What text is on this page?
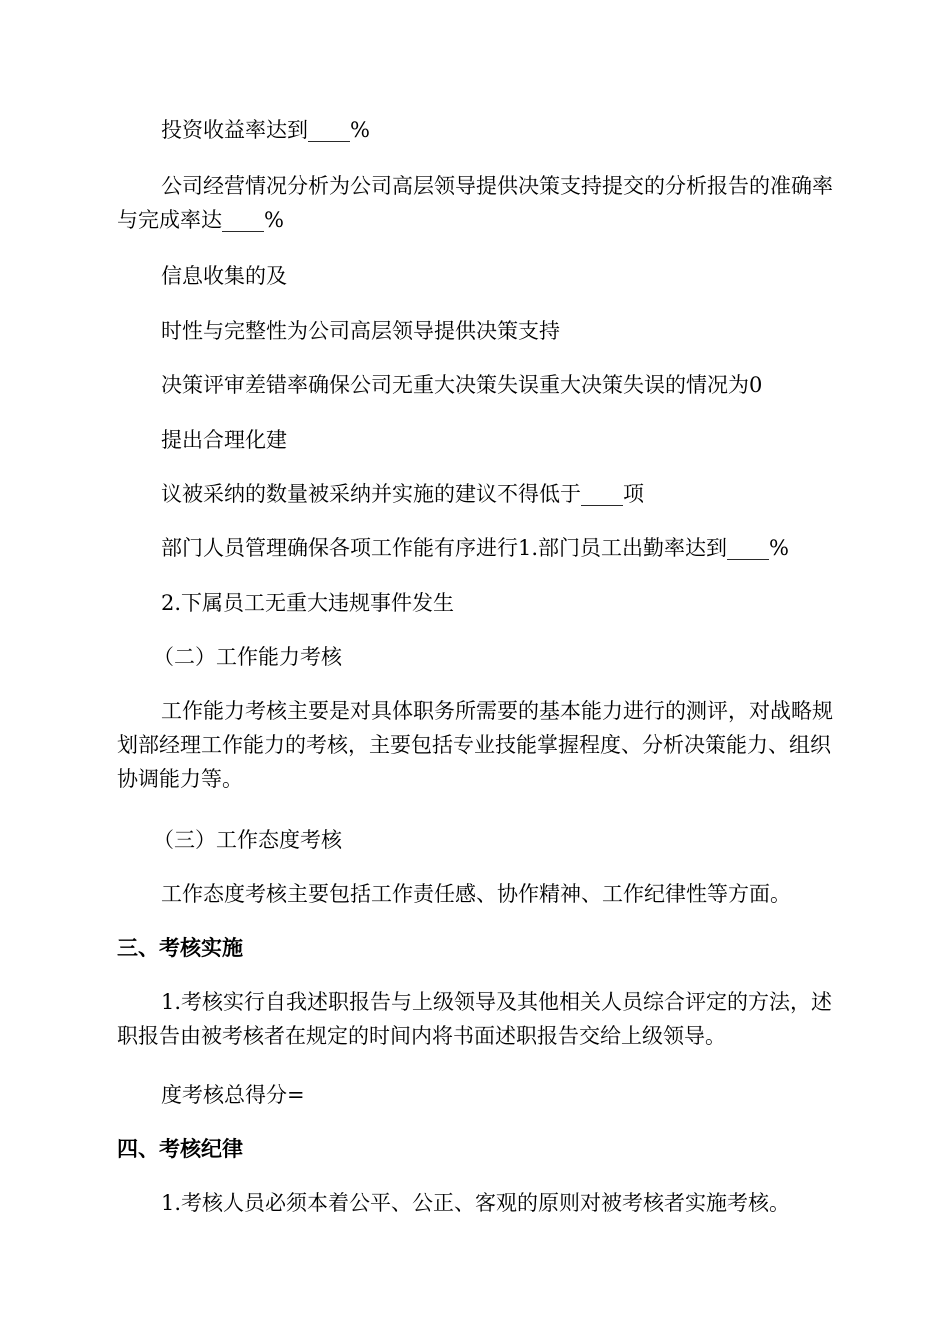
投资收益率达到____%

公司经营情况分析为公司高层领导提供决策支持提交的分析报告的准确率与完成率达____%

信息收集的及

时性与完整性为公司高层领导提供决策支持

决策评审差错率确保公司无重大决策失误重大决策失误的情况为0

提出合理化建

议被采纳的数量被采纳并实施的建议不得低于____项

部门人员管理确保各项工作能有序进行1.部门员工出勤率达到____%

2.下属员工无重大违规事件发生

（二）工作能力考核

工作能力考核主要是对具体职务所需要的基本能力进行的测评，对战略规划部经理工作能力的考核，主要包括专业技能掌握程度、分析决策能力、组织协调能力等。

（三）工作态度考核

工作态度考核主要包括工作责任感、协作精神、工作纪律性等方面。

三、考核实施

1.考核实行自我述职报告与上级领导及其他相关人员综合评定的方法，述职报告由被考核者在规定的时间内将书面述职报告交给上级领导。

度考核总得分=

四、考核纪律

1.考核人员必须本着公平、公正、客观的原则对被考核者实施考核。
